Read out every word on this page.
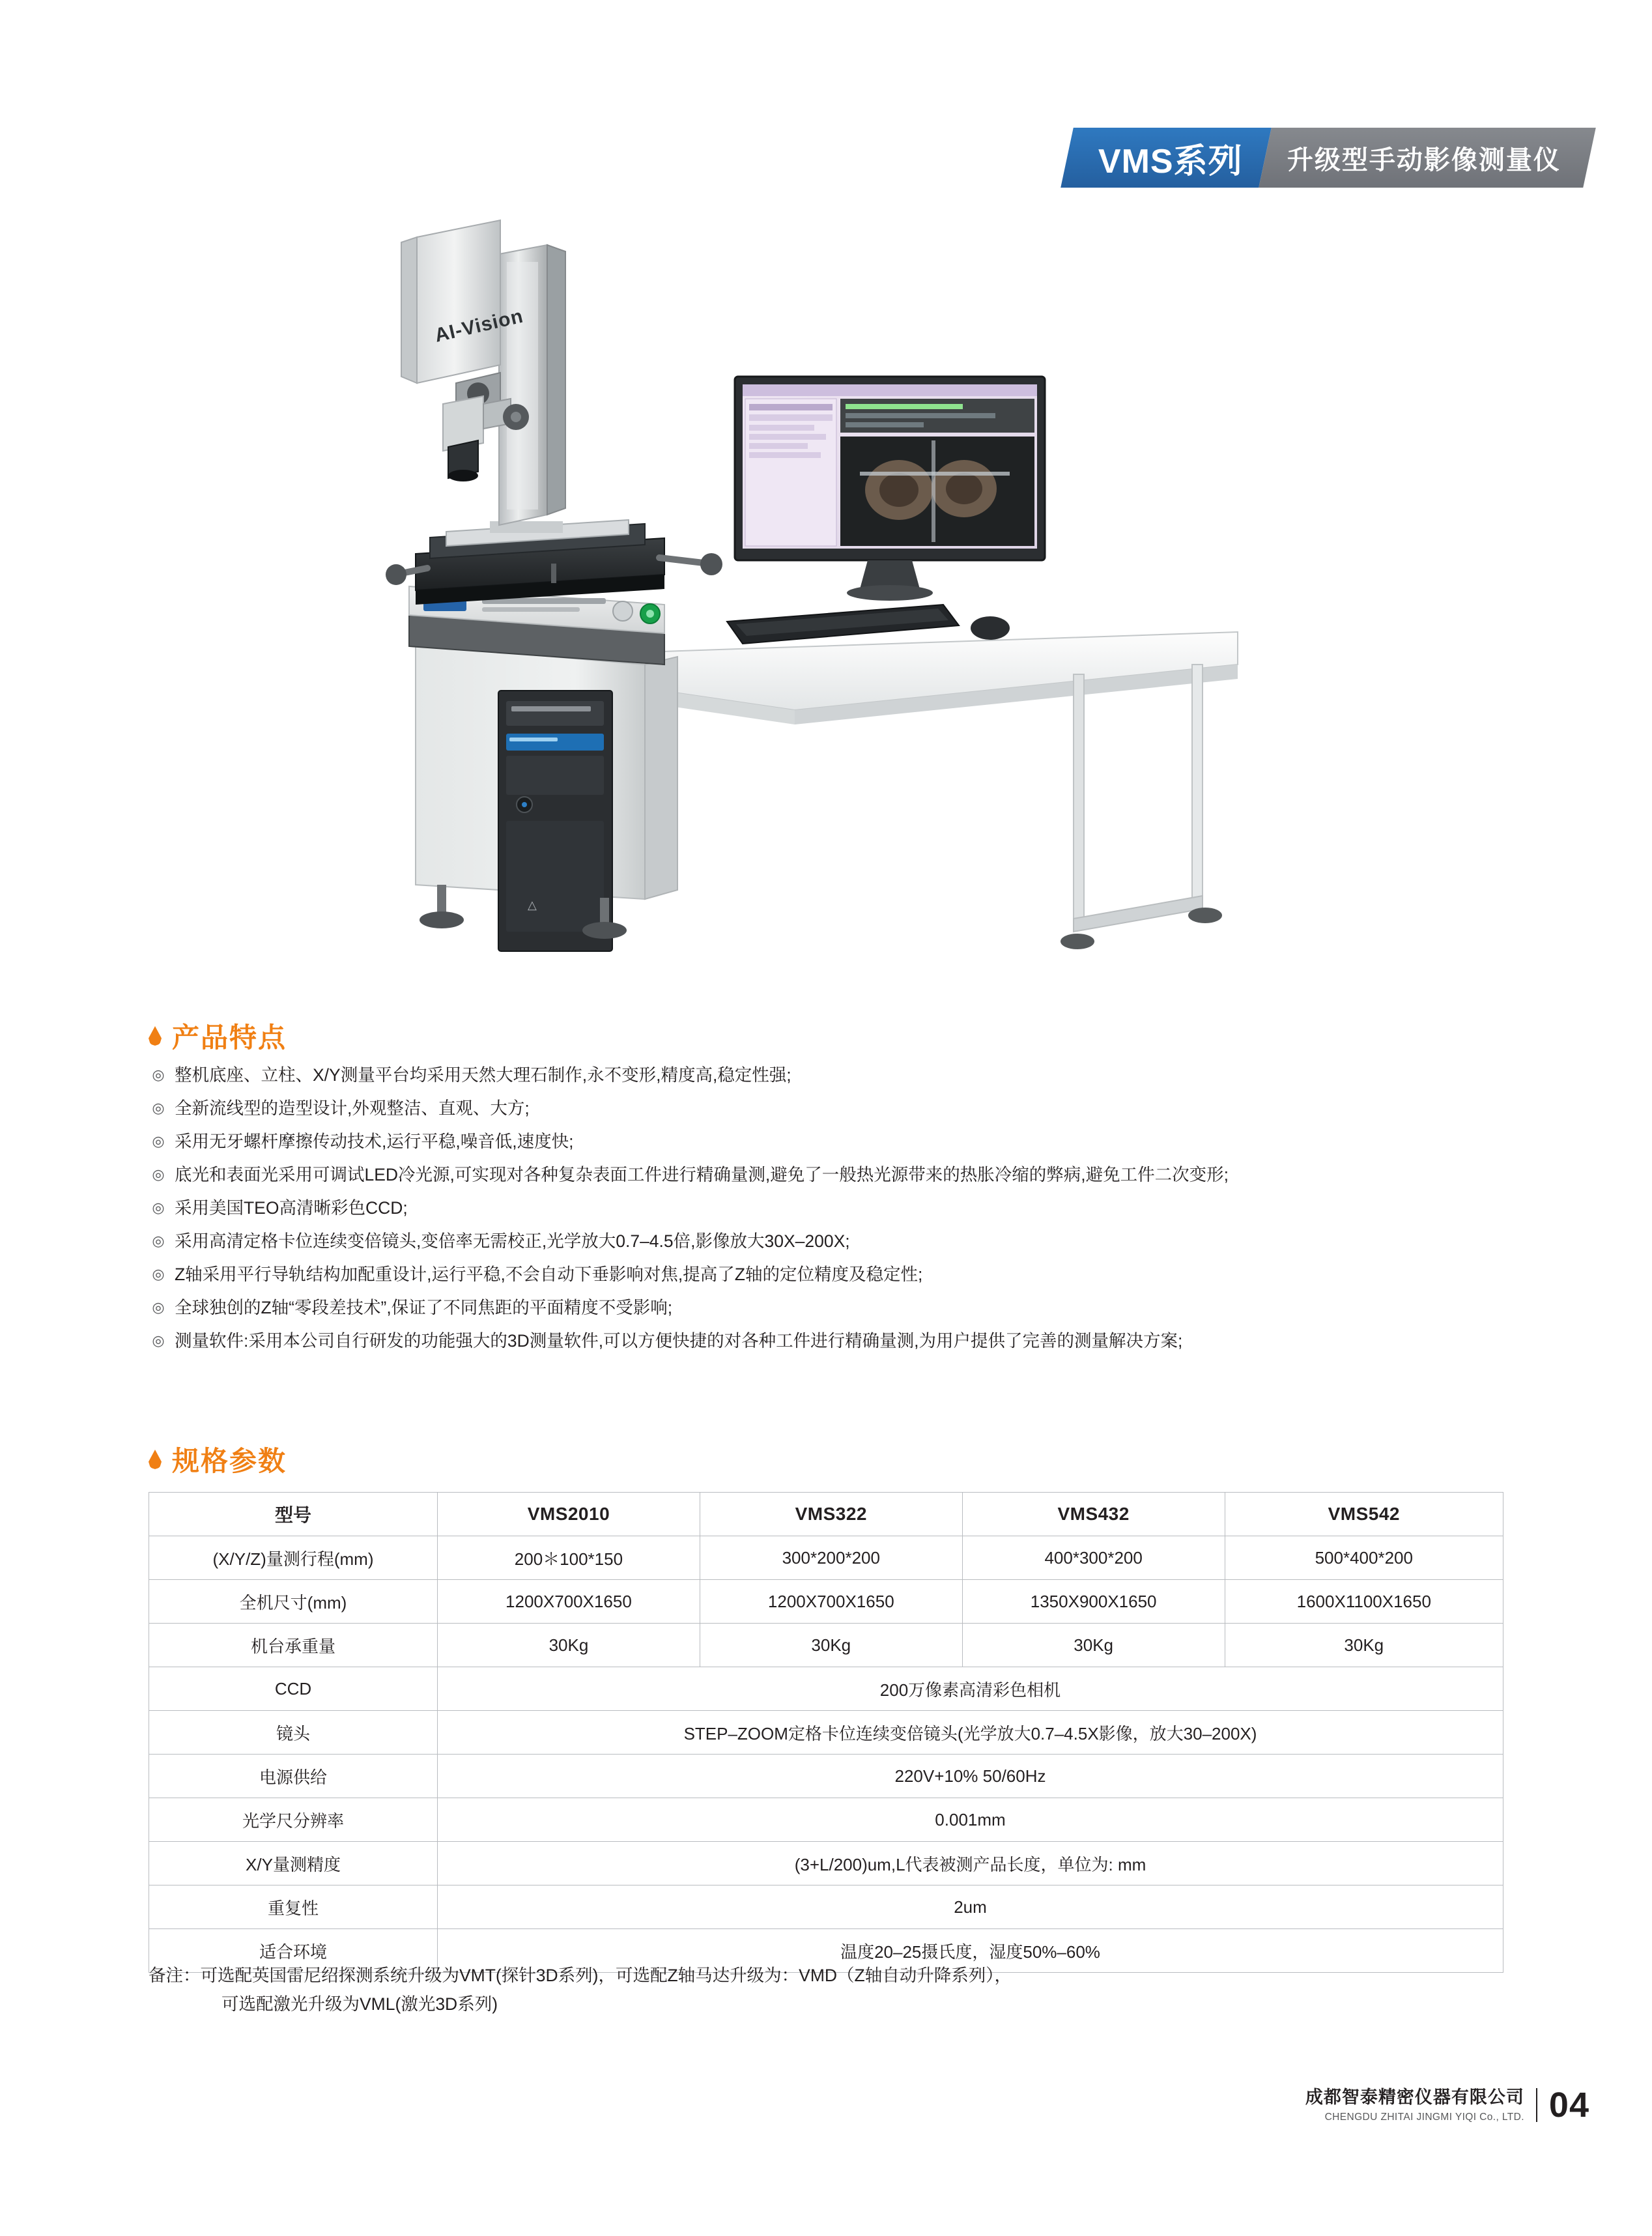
VMS系列 升级型手动影像测量仪
△
AI-Vision
产品特点
◎ 整机底座、立柱、X/Y测量平台均采用天然大理石制作,永不变形,精度高,稳定性强;
◎ 全新流线型的造型设计,外观整洁、直观、大方;
◎ 采用无牙螺杆摩擦传动技术,运行平稳,噪音低,速度快;
◎ 底光和表面光采用可调试LED冷光源,可实现对各种复杂表面工件进行精确量测,避免了一般热光源带来的热胀冷缩的弊病,避免工件二次变形;
◎ 采用美国TEO高清晰彩色CCD;
◎ 采用高清定格卡位连续变倍镜头,变倍率无需校正,光学放大0.7–4.5倍,影像放大30X–200X;
◎ Z轴采用平行导轨结构加配重设计,运行平稳,不会自动下垂影响对焦,提高了Z轴的定位精度及稳定性;
◎ 全球独创的Z轴“零段差技术”,保证了不同焦距的平面精度不受影响;
◎ 测量软件:采用本公司自行研发的功能强大的3D测量软件,可以方便快捷的对各种工件进行精确量测,为用户提供了完善的测量解决方案;
规格参数
型号	VMS2010	VMS322	VMS432	VMS542
(X/Y/Z)量测行程(mm)	200＊100*150	300*200*200	400*300*200	500*400*200
全机尺寸(mm)	1200X700X1650	1200X700X1650	1350X900X1650	1600X1100X1650
机台承重量	30Kg	30Kg	30Kg	30Kg
CCD	200万像素高清彩色相机			
镜头	STEP–ZOOM定格卡位连续变倍镜头(光学放大0.7–4.5X影像，放大30–200X)			
电源供给	220V+10% 50/60Hz			
光学尺分辨率	0.001mm			
X/Y量测精度	(3+L/200)um,L代表被测产品长度，单位为: mm			
重复性	2um			
适合环境	温度20–25摄氏度，湿度50%–60%			
备注：可选配英国雷尼绍探测系统升级为VMT(探针3D系列)，可选配Z轴马达升级为：VMD（Z轴自动升降系列），
可选配激光升级为VML(激光3D系列)
成都智泰精密仪器有限公司
CHENGDU ZHITAI JINGMI YIQI Co., LTD. 04
